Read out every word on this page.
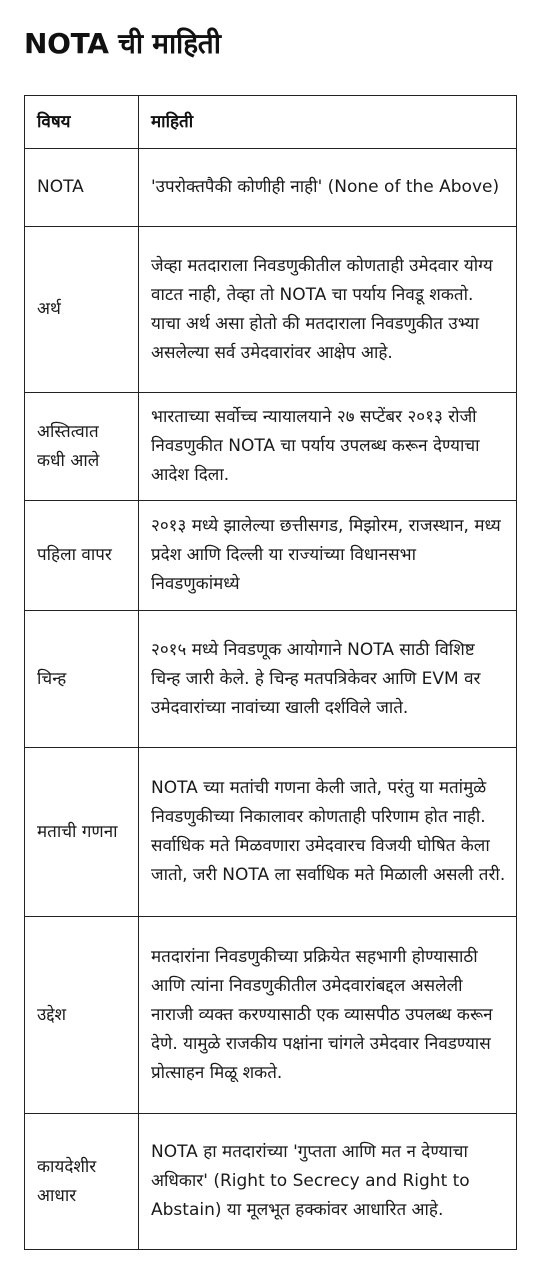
NOTA ची माहिती
विषय	माहिती
NOTA	'उपरोक्तपैकी कोणीही नाही' (None of the Above)
अर्थ	जेव्हा मतदाराला निवडणुकीतील कोणताही उमेदवार योग्य वाटत नाही, तेव्हा तो NOTA चा पर्याय निवडू शकतो. याचा अर्थ असा होतो की मतदाराला निवडणुकीत उभ्या असलेल्या सर्व उमेदवारांवर आक्षेप आहे.
अस्तित्वात कधी आले	भारताच्या सर्वोच्च न्यायालयाने २७ सप्टेंबर २०१३ रोजी निवडणुकीत NOTA चा पर्याय उपलब्ध करून देण्याचा आदेश दिला.
पहिला वापर	२०१३ मध्ये झालेल्या छत्तीसगड, मिझोरम, राजस्थान, मध्य प्रदेश आणि दिल्ली या राज्यांच्या विधानसभा निवडणुकांमध्ये
चिन्ह	२०१५ मध्ये निवडणूक आयोगाने NOTA साठी विशिष्ट चिन्ह जारी केले. हे चिन्ह मतपत्रिकेवर आणि EVM वर उमेदवारांच्या नावांच्या खाली दर्शविले जाते.
मताची गणना	NOTA च्या मतांची गणना केली जाते, परंतु या मतांमुळे निवडणुकीच्या निकालावर कोणताही परिणाम होत नाही. सर्वाधिक मते मिळवणारा उमेदवारच विजयी घोषित केला जातो, जरी NOTA ला सर्वाधिक मते मिळाली असली तरी.
उद्देश	मतदारांना निवडणुकीच्या प्रक्रियेत सहभागी होण्यासाठी आणि त्यांना निवडणुकीतील उमेदवारांबद्दल असलेली नाराजी व्यक्त करण्यासाठी एक व्यासपीठ उपलब्ध करून देणे. यामुळे राजकीय पक्षांना चांगले उमेदवार निवडण्यास प्रोत्साहन मिळू शकते.
कायदेशीर आधार	NOTA हा मतदारांच्या 'गुप्तता आणि मत न देण्याचा अधिकार' (Right to Secrecy and Right to Abstain) या मूलभूत हक्कांवर आधारित आहे.
